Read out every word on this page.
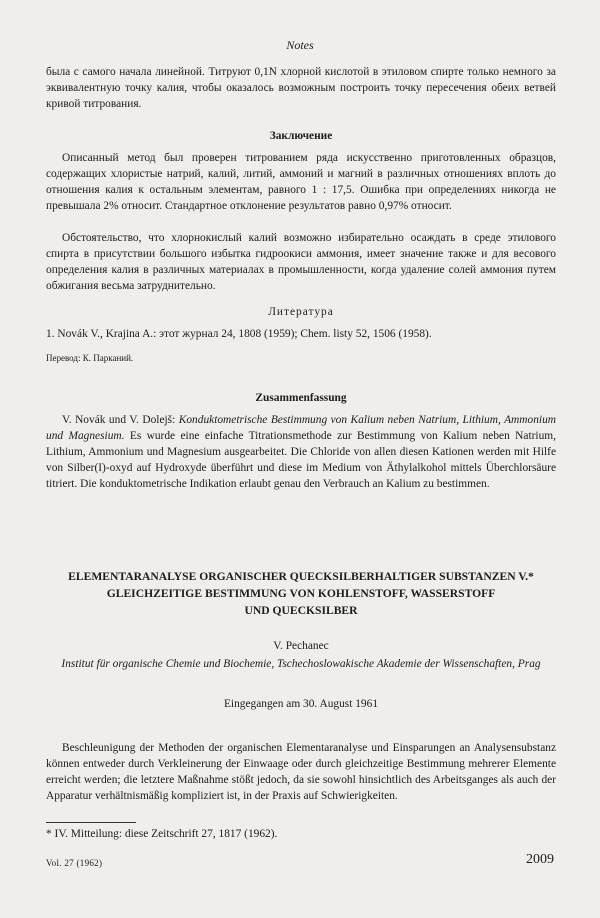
Notes

была с самого начала линейной. Титруют 0,1N хлорной кислотой в этиловом спирте только немного за эквивалентную точку калия, чтобы оказалось возможным построить точку пересечения обеих ветвей кривой титрования.

Заключение

Описанный метод был проверен титрованием ряда искусственно приготовленных образцов, содержащих хлористые натрий, калий, литий, аммоний и магний в различных отношениях вплоть до отношения калия к остальным элементам, равного 1 : 17,5. Ошибка при определениях никогда не превышала 2% относит. Стандартное отклонение результатов равно 0,97% относит.

Обстоятельство, что хлорнокислый калий возможно избирательно осаждать в среде этилового спирта в присутствии большого избытка гидроокиси аммония, имеет значение также и для весового определения калия в различных материалах в промышленности, когда удаление солей аммония путем обжигания весьма затруднительно.

Литература

1. Novák V., Krajina A.: этот журнал 24, 1808 (1959); Chem. listy 52, 1506 (1958).

Перевод: К. Парканий.
Zusammenfassung

V. Novák und V. Dolejš: Konduktometrische Bestimmung von Kalium neben Natrium, Lithium, Ammonium und Magnesium. Es wurde eine einfache Titrationsmethode zur Bestimmung von Kalium neben Natrium, Lithium, Ammonium und Magnesium ausgearbeitet. Die Chloride von allen diesen Kationen werden mit Hilfe von Silber(I)-oxyd auf Hydroxyde überführt und diese im Medium von Äthylalkohol mittels Überchlorsäure titriert. Die konduktometrische Indikation erlaubt genau den Verbrauch an Kalium zu bestimmen.

ELEMENTARANALYSE ORGANISCHER QUECKSILBERHALTIGER SUBSTANZEN V.*
GLEICHZEITIGE BESTIMMUNG VON KOHLENSTOFF, WASSERSTOFF
UND QUECKSILBER
V. Pechanec
Institut für organische Chemie und Biochemie, Tschechoslowakische Akademie der Wissenschaften, Prag
Eingegangen am 30. August 1961

Beschleunigung der Methoden der organischen Elementaranalyse und Einsparungen an Analysensubstanz können entweder durch Verkleinerung der Einwaage oder durch gleichzeitige Bestimmung mehrerer Elemente erreicht werden; die letztere Maßnahme stößt jedoch, da sie sowohl hinsichtlich des Arbeitsganges als auch der Apparatur verhältnismäßig kompliziert ist, in der Praxis auf Schwierigkeiten.

* IV. Mitteilung: diese Zeitschrift 27, 1817 (1962).
Vol. 27 (1962)	2009
